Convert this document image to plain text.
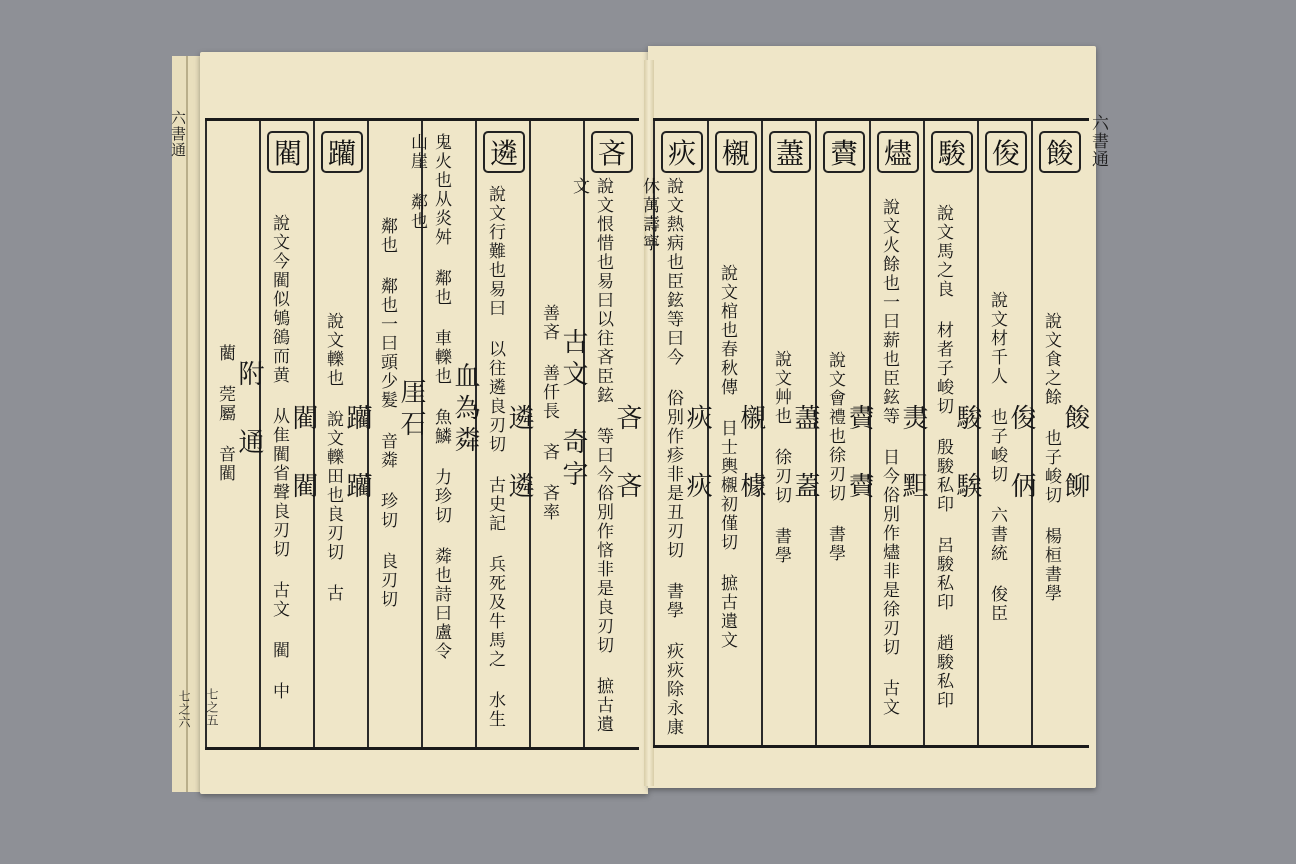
六書通
七之六 七之五
六書通
吝
吝 吝
說文恨惜也易曰以往吝臣鉉 等曰今俗別作悋非是良刃切 摭古遺文
古文 奇字
善吝 善仟長 吝 吝率
遴
遴 遴
說文行難也易曰 以往遴良刃切 古史記 兵死及牛馬之 水生
血為粦
鬼火也从炎舛 鄰也 車轢也 魚鱗 力珍切 粦也詩曰盧令 山崖 鄰也
厓石
鄰也 鄰也一曰頭少髮 音粦 珍切 良刃切
躪
躪 躪
說文轢也 說文轢田也良刃切 古
閵
閵 閵
說文今閵似鴝鵒而黄 从隹閵省聲良刃切 古文 閵 中
附 通
藺 莞屬 音閵
餕
餕 飹
說文食之餘 也子峻切 楊桓書學
俊
俊 㑂
說文材千人 也子峻切 六書統 俊臣
駿
駿 騃
說文馬之良 材者子峻切 殷駿私印 呂駿私印 趙駿私印
燼
㶳 䵣
說文火餘也一曰薪也臣鉉等 日今俗別作燼非是徐刃切 古文
賮
賮 賮
說文會禮也徐刃切 書學
藎
藎 蓋
說文艸也 徐刃切 書學
櫬
櫬 㯫
說文棺也春秋傳 日士輿櫬初僅切 摭古遺文
疢
疢 疢
說文熱病也臣鉉等曰今 俗別作疹非是丑刃切 書學 疢疢除永康 休萬壽寧
